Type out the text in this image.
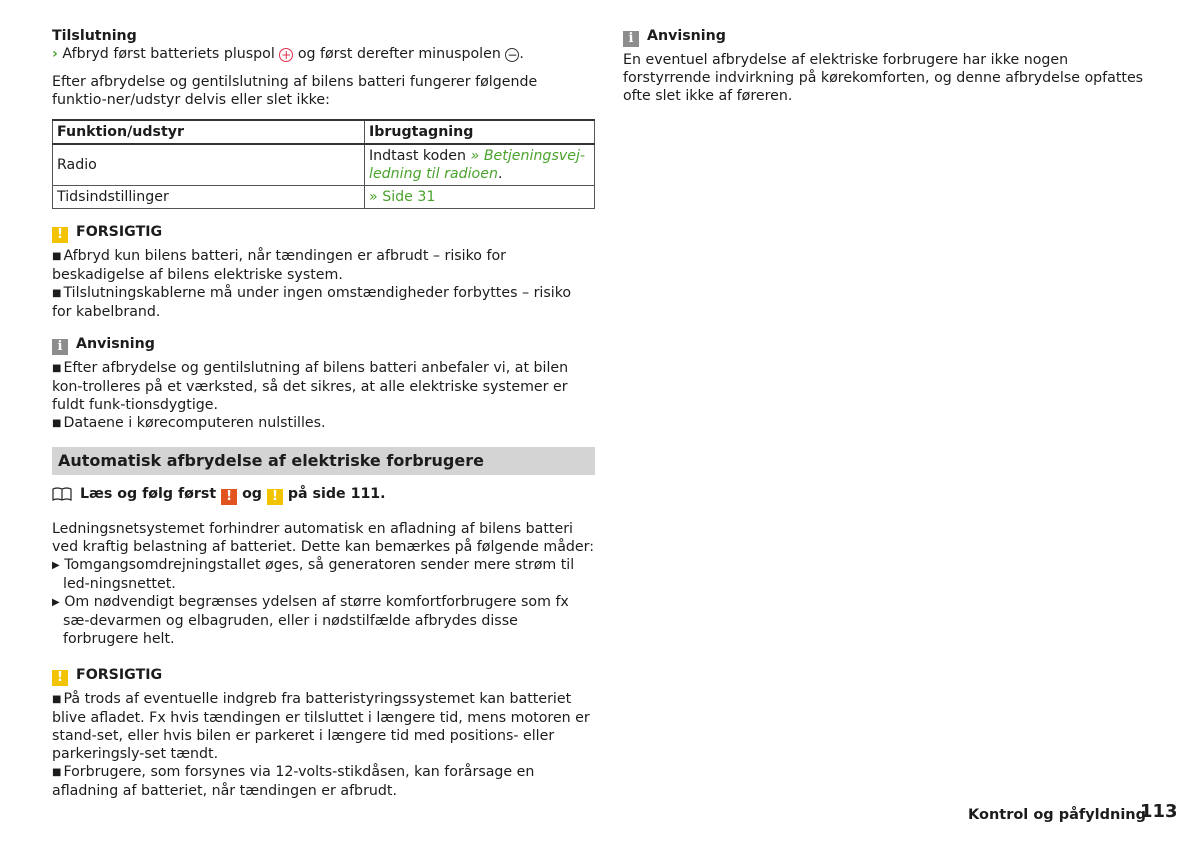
Tilslutning

› Afbryd først batteriets pluspol + og først derefter minuspolen − .

Efter afbrydelse og gentilslutning af bilens batteri fungerer følgende funktio-ner/udstyr delvis eller slet ikke:

Funktion/udstyr	Ibrugtagning
Radio	Indtast koden » Betjeningsvej-ledning til radioen.
Tidsindstillinger	» Side 31

! FORSIGTIG

■ Afbryd kun bilens batteri, når tændingen er afbrudt – risiko for beskadigelse af bilens elektriske system.

■ Tilslutningskablerne må under ingen omstændigheder forbyttes – risiko for kabelbrand.

i Anvisning

■ Efter afbrydelse og gentilslutning af bilens batteri anbefaler vi, at bilen kon-trolleres på et værksted, så det sikres, at alle elektriske systemer er fuldt funk-tionsdygtige.

■ Dataene i kørecomputeren nulstilles.

Automatisk afbrydelse af elektriske forbrugere

Læs og følg først ! og ! på side 111.

Ledningsnetsystemet forhindrer automatisk en afladning af bilens batteri ved kraftig belastning af batteriet. Dette kan bemærkes på følgende måder:

▶ Tomgangsomdrejningstallet øges, så generatoren sender mere strøm til led-ningsnettet.

▶ Om nødvendigt begrænses ydelsen af større komfortforbrugere som fx sæ-devarmen og elbagruden, eller i nødstilfælde afbrydes disse forbrugere helt.

! FORSIGTIG

■ På trods af eventuelle indgreb fra batteristyringssystemet kan batteriet blive afladet. Fx hvis tændingen er tilsluttet i længere tid, mens motoren er stand-set, eller hvis bilen er parkeret i længere tid med positions- eller parkeringsly-set tændt.

■ Forbrugere, som forsynes via 12-volts-stikdåsen, kan forårsage en afladning af batteriet, når tændingen er afbrudt.

i Anvisning

En eventuel afbrydelse af elektriske forbrugere har ikke nogen forstyrrende indvirkning på kørekomforten, og denne afbrydelse opfattes ofte slet ikke af føreren.

Kontrol og påfyldning
113
